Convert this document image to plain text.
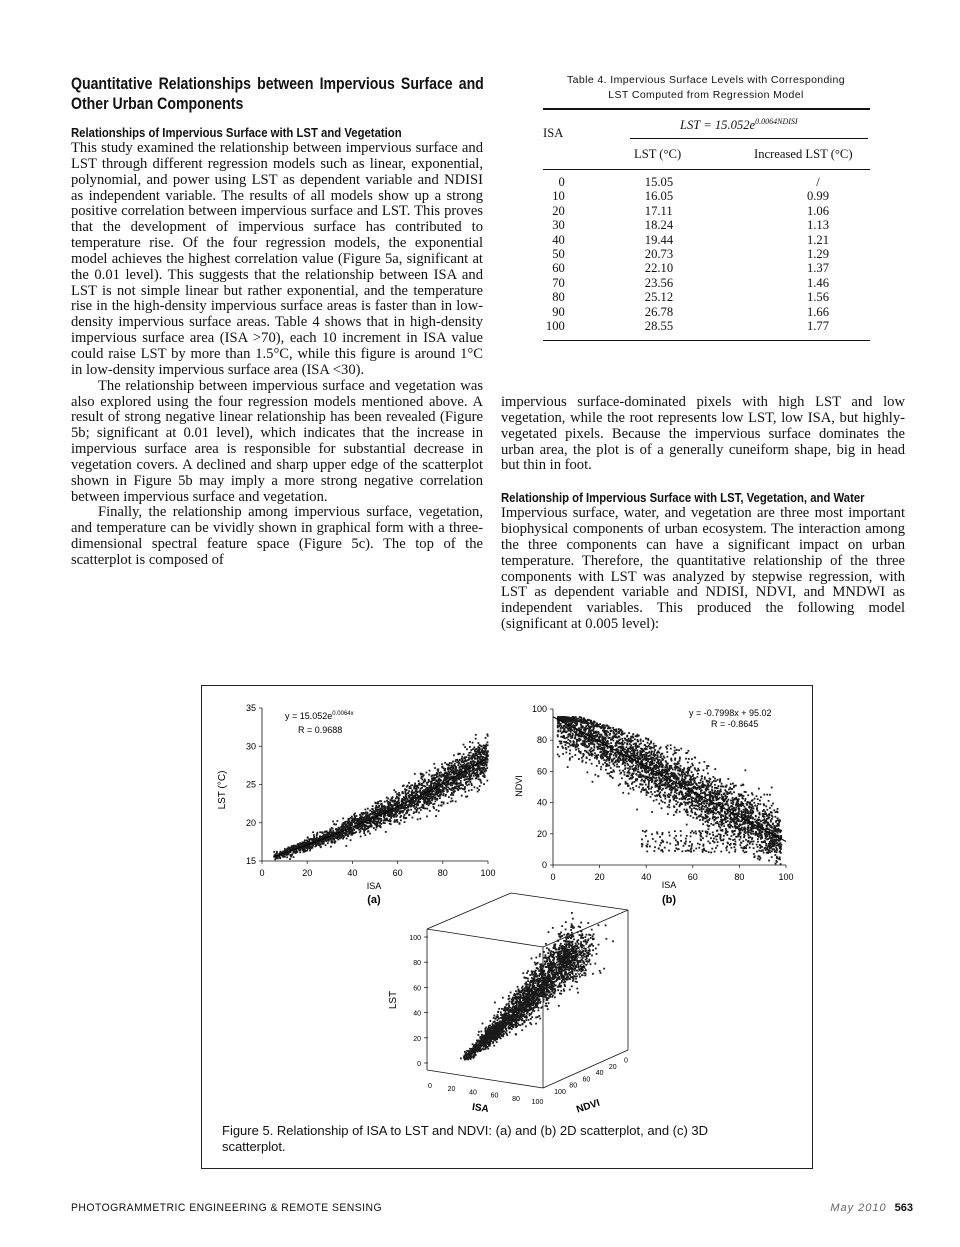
Quantitative Relationships between Impervious Surface and Other Urban Components
Relationships of Impervious Surface with LST and Vegetation

This study examined the relationship between impervious surface and LST through different regression models such as linear, exponential, polynomial, and power using LST as dependent variable and NDISI as independent variable. The results of all models show up a strong positive correlation between impervious surface and LST. This proves that the development of impervious surface has contributed to temperature rise. Of the four regression models, the exponential model achieves the highest correlation value (Figure 5a, significant at the 0.01 level). This suggests that the relationship between ISA and LST is not simple linear but rather exponential, and the temperature rise in the high-density impervious surface areas is faster than in low-density impervious surface areas. Table 4 shows that in high-density impervious surface area (ISA >70), each 10 increment in ISA value could raise LST by more than 1.5°C, while this figure is around 1°C in low-density impervious surface area (ISA <30).

The relationship between impervious surface and vegetation was also explored using the four regression models mentioned above. A result of strong negative linear relationship has been revealed (Figure 5b; significant at 0.01 level), which indicates that the increase in impervious surface area is responsible for substantial decrease in vegetation covers. A declined and sharp upper edge of the scatterplot shown in Figure 5b may imply a more strong negative correlation between impervious surface and vegetation.

Finally, the relationship among impervious surface, vegetation, and temperature can be vividly shown in graphical form with a three-dimensional spectral feature space (Figure 5c). The top of the scatterplot is composed of

Table 4. Impervious Surface Levels with Corresponding
LST Computed from Regression Model
ISA
LST = $15.052e^{0.0064NDISI}$
LST (°C)	Increased LST (°C)
0	15.05	/
10	16.05	0.99
20	17.11	1.06
30	18.24	1.13
40	19.44	1.21
50	20.73	1.29
60	22.10	1.37
70	23.56	1.46
80	25.12	1.56
90	26.78	1.66
100	28.55	1.77

impervious surface-dominated pixels with high LST and low vegetation, while the root represents low LST, low ISA, but highly-vegetated pixels. Because the impervious surface dominates the urban area, the plot is of a generally cuneiform shape, big in head but thin in foot.

Relationship of Impervious Surface with LST, Vegetation, and Water

Impervious surface, water, and vegetation are three most important biophysical components of urban ecosystem. The interaction among the three components can have a significant impact on urban temperature. Therefore, the quantitative relationship of the three components with LST was analyzed by stepwise regression, with LST as dependent variable and NDISI, NDVI, and MNDWI as independent variables. This produced the following model (significant at 0.005 level):

LST (°C)
ISA
(a)
$y = 15.052e^{0.0064x}$
R = 0.9688
0	20	40	60	80	100
15
20
25
30
35
NDVI
ISA
(b)
y = -0.7998x + 95.02
R = -0.8645
0	20	40	60	80	100
0
20
40
60
80
100
LST
ISA	NDVI
0
20
40
60
80
100
0 20 40 60 80 100
100
80
60
40
20
0
Figure 5. Relationship of ISA to LST and NDVI: (a) and (b) 2D scatterplot, and (c) 3D scatterplot.
PHOTOGRAMMETRIC ENGINEERING & REMOTE SENSING	May 2010 563
